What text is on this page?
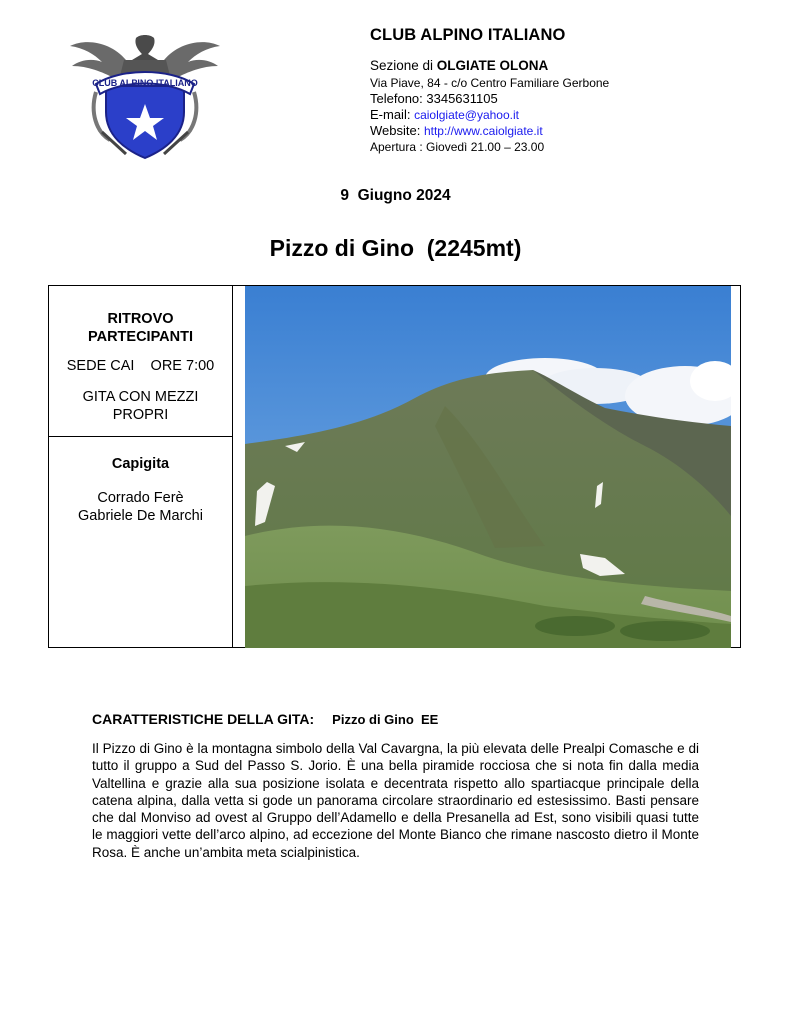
CLUB ALPINO ITALIANO
CLUB ALPINO ITALIANO
Sezione di OLGIATE OLONA
Via Piave, 84 - c/o Centro Familiare Gerbone
Telefono: 3345631105
E-mail: caiolgiate@yahoo.it
Website: http://www.caiolgiate.it
Apertura : Giovedì 21.00 – 23.00
9  Giugno 2024
Pizzo di Gino  (2245mt)
RITROVO
PARTECIPANTI
SEDE CAI    ORE 7:00
GITA CON MEZZI
PROPRI
Capigita
Corrado Ferè
Gabriele De Marchi
CARATTERISTICHE DELLA GITA: Pizzo di Gino  EE
Il Pizzo di Gino è la montagna simbolo della Val Cavargna, la più elevata delle Prealpi Comasche e di tutto il gruppo a Sud del Passo S. Jorio. È una bella piramide rocciosa che si nota fin dalla media Valtellina e grazie alla sua posizione isolata e decentrata rispetto allo spartiacque principale della catena alpina, dalla vetta si gode un panorama circolare straordinario ed estesissimo. Basti pensare che dal Monviso ad ovest al Gruppo dell’Adamello e della Presanella ad Est, sono visibili quasi tutte le maggiori vette dell’arco alpino, ad eccezione del Monte Bianco che rimane nascosto dietro il Monte Rosa. È anche un’ambita meta scialpinistica.
